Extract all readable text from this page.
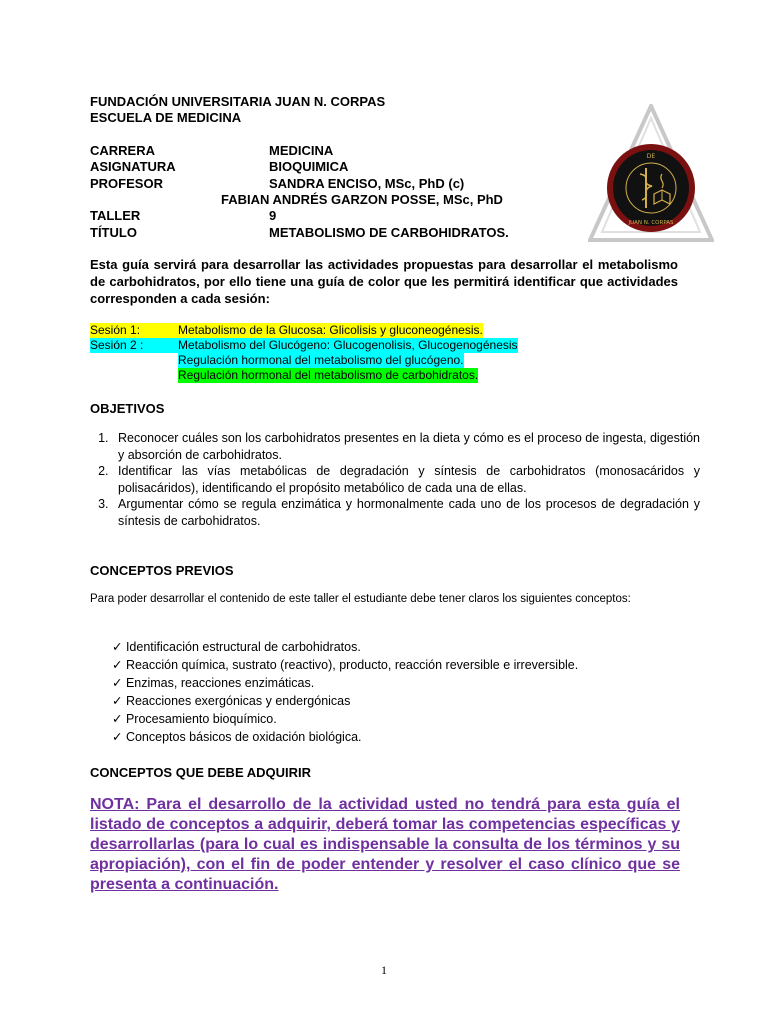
FUNDACIÓN UNIVERSITARIA JUAN N. CORPAS
ESCUELA DE MEDICINA
CARRERA	MEDICINA
ASIGNATURA	BIOQUIMICA
PROFESOR	SANDRA ENCISO, MSc, PhD (c)
FABIAN ANDRÉS GARZON POSSE, MSc, PhD
TALLER	9
TÍTULO	METABOLISMO DE CARBOHIDRATOS.
DE
JUAN N. CORPAS
Esta guía servirá para desarrollar las actividades propuestas para desarrollar el metabolismo de carbohidratos, por ello tiene una guía de color que les permitirá identificar que actividades corresponden a cada sesión:
Sesión 1:	Metabolismo de la Glucosa: Glicolisis y gluconeogénesis.
Sesión 2 :	Metabolismo del Glucógeno: Glucogenolisis, Glucogenogénesis
Regulación hormonal del metabolismo del glucógeno.
Regulación hormonal del metabolismo de carbohidratos.
OBJETIVOS
1. Reconocer cuáles son los carbohidratos presentes en la dieta y cómo es el proceso de ingesta, digestión y absorción de carbohidratos.
2. Identificar las vías metabólicas de degradación y síntesis de carbohidratos (monosacáridos y polisacáridos), identificando el propósito metabólico de cada una de ellas.
3. Argumentar cómo se regula enzimática y hormonalmente cada uno de los procesos de degradación y síntesis de carbohidratos.
CONCEPTOS PREVIOS
Para poder desarrollar el contenido de este taller el estudiante debe tener claros los siguientes conceptos:
✓ Identificación estructural de carbohidratos.
✓ Reacción química, sustrato (reactivo), producto, reacción reversible e irreversible.
✓ Enzimas, reacciones enzimáticas.
✓ Reacciones exergónicas y endergónicas
✓ Procesamiento bioquímico.
✓ Conceptos básicos de oxidación biológica.
CONCEPTOS QUE DEBE ADQUIRIR
NOTA: Para el desarrollo de la actividad usted no tendrá para esta guía el listado de conceptos a adquirir, deberá tomar las competencias específicas y desarrollarlas (para lo cual es indispensable la consulta de los términos y su apropiación), con el fin de poder entender y resolver el caso clínico que se presenta a continuación.
1
